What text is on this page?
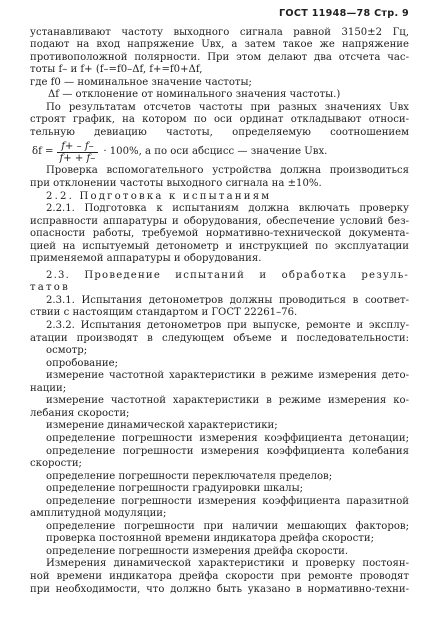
ГОСТ 11948—78 Стр. 9
устанавливают частоту выходного сигнала равной 3150±2 Гц,
подают на вход напряжение Uвх, а затем такое же напряжение
противоположной полярности. При этом делают два отсчета час-
тоты f– и f+ (f–=f0–Δf, f+=f0+Δf,
где f0 — номинальное значение частоты;
Δf — отклонение от номинального значения частоты.)
По результатам отсчетов частоты при разных значениях Uвх
строят график, на котором по оси ординат откладывают относи-
тельную девиацию частоты, определяемую соотношением
$\delta f = \frac{f+ - f-}{f+ + f-} \cdot 100\%$, а по оси абсцисс — значение Uвх.
Проверка вспомогательного устройства должна производиться
при отклонении частоты выходного сигнала на ±10%.
2.2. Подготовка к испытаниям
2.2.1. Подготовка к испытаниям должна включать проверку
исправности аппаратуры и оборудования, обеспечение условий без-
опасности работы, требуемой нормативно-технической документа-
цией на испытуемый детонометр и инструкцией по эксплуатации
применяемой аппаратуры и оборудования.
2.3. Проведение испытаний и обработка резуль-
татов
2.3.1. Испытания детонометров должны проводиться в соответ-
ствии с настоящим стандартом и ГОСТ 22261–76.
2.3.2. Испытания детонометров при выпуске, ремонте и эксплу-
атации производят в следующем объеме и последовательности:
осмотр;
опробование;
измерение частотной характеристики в режиме измерения дето-
нации;
измерение частотной характеристики в режиме измерения ко-
лебания скорости;
измерение динамической характеристики;
определение погрешности измерения коэффициента детонации;
определение погрешности измерения коэффициента колебания
скорости;
определение погрешности переключателя пределов;
определение погрешности градуировки шкалы;
определение погрешности измерения коэффициента паразитной
амплитудной модуляции;
определение погрешности при наличии мешающих факторов;
проверка постоянной времени индикатора дрейфа скорости;
определение погрешности измерения дрейфа скорости.
Измерения динамической характеристики и проверку постоян-
ной времени индикатора дрейфа скорости при ремонте проводят
при необходимости, что должно быть указано в нормативно-техни-
